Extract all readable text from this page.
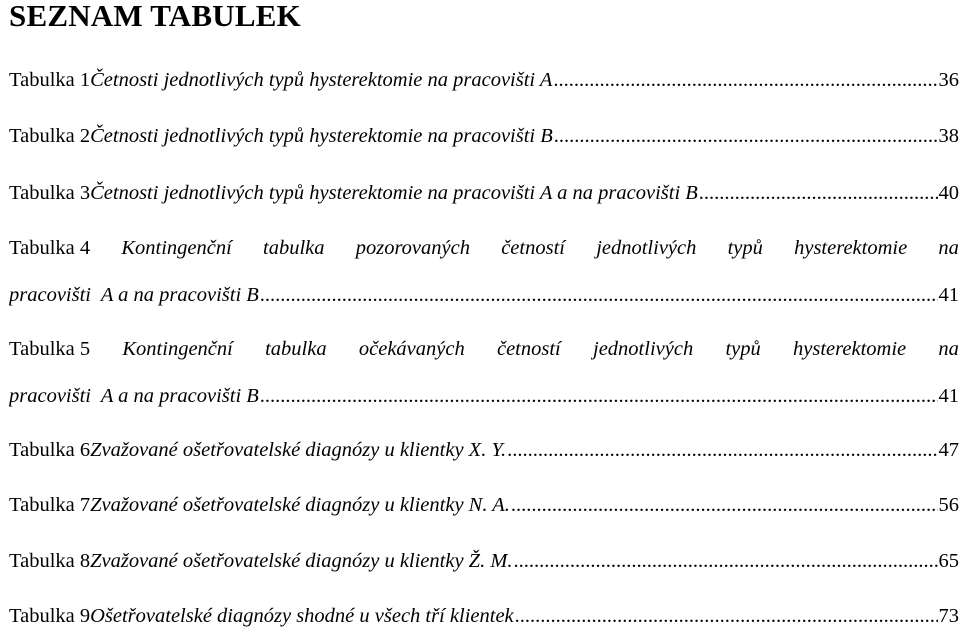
SEZNAM TABULEK
Tabulka 1 Četnosti jednotlivých typů hysterektomie na pracovišti A .....	36
Tabulka 2 Četnosti jednotlivých typů hysterektomie na pracovišti B .....	38
Tabulka 3 Četnosti jednotlivých typů hysterektomie na pracovišti A a na pracovišti B .....	40
Tabulka 4 Kontingenční tabulka pozorovaných četností jednotlivých typů hysterektomie na
pracovišti  A a na pracovišti B .....	41
Tabulka 5 Kontingenční tabulka očekávaných četností jednotlivých typů hysterektomie na
pracovišti  A a na pracovišti B .....	41
Tabulka 6 Zvažované ošetřovatelské diagnózy u klientky X. Y. .....	47
Tabulka 7 Zvažované ošetřovatelské diagnózy u klientky N. A. .....	56
Tabulka 8 Zvažované ošetřovatelské diagnózy u klientky Ž. M. .....	65
Tabulka 9 Ošetřovatelské diagnózy shodné u všech tří klientek .....	73
